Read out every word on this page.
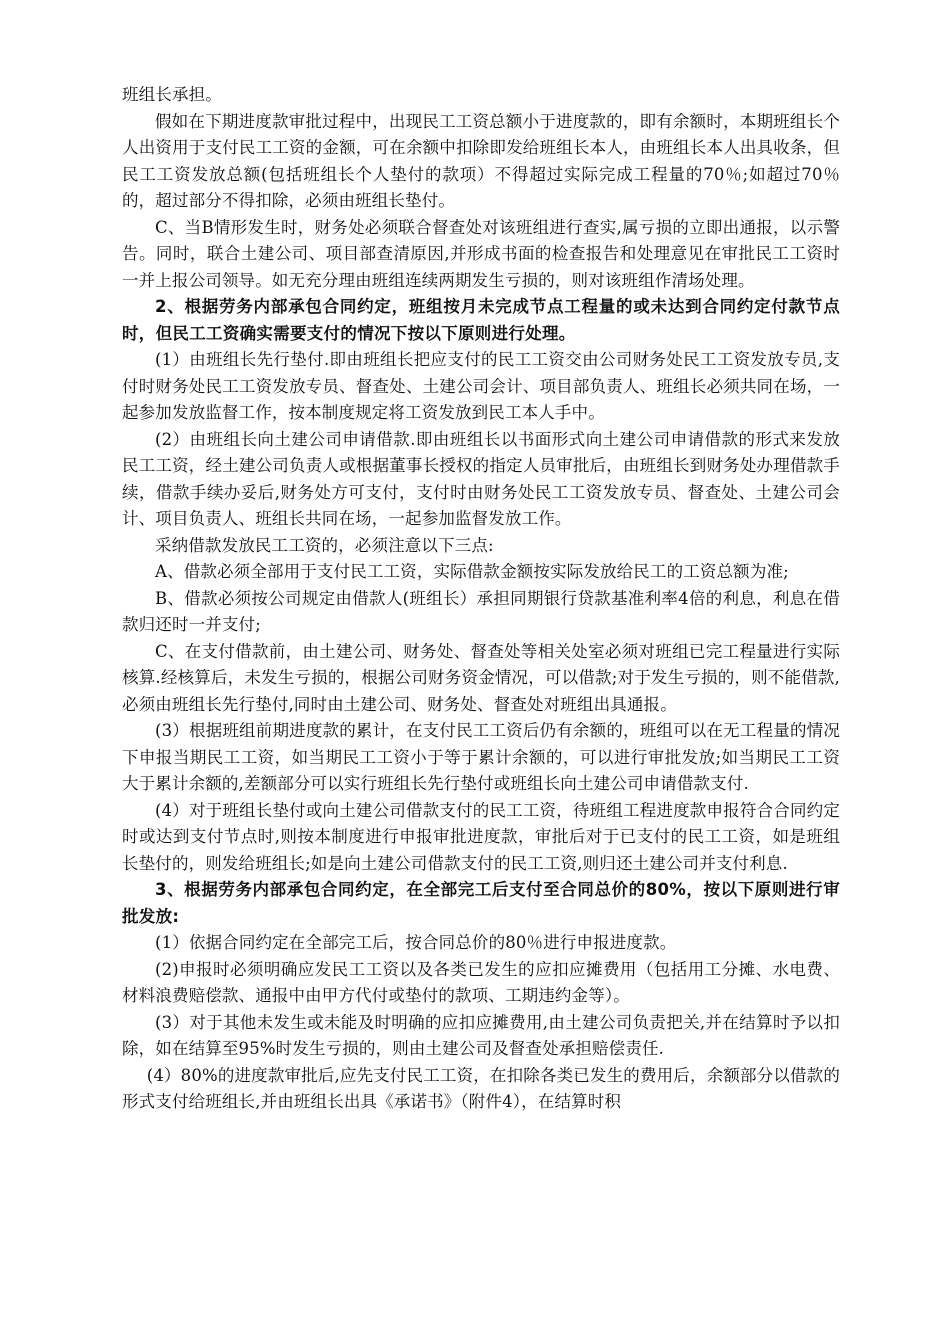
班组长承担。

假如在下期进度款审批过程中，出现民工工资总额小于进度款的，即有余额时，本期班组长个人出资用于支付民工工资的金额，可在余额中扣除即发给班组长本人，由班组长本人出具收条，但民工工资发放总额(包括班组长个人垫付的款项）不得超过实际完成工程量的70％;如超过70％的，超过部分不得扣除，必须由班组长垫付。

C、当B情形发生时，财务处必须联合督查处对该班组进行查实,属亏损的立即出通报，以示警告。同时，联合土建公司、项目部查清原因,并形成书面的检查报告和处理意见在审批民工工资时一并上报公司领导。如无充分理由班组连续两期发生亏损的，则对该班组作清场处理。

2、根据劳务内部承包合同约定，班组按月未完成节点工程量的或未达到合同约定付款节点时，但民工工资确实需要支付的情况下按以下原则进行处理。

(1）由班组长先行垫付.即由班组长把应支付的民工工资交由公司财务处民工工资发放专员,支付时财务处民工工资发放专员、督查处、土建公司会计、项目部负责人、班组长必须共同在场，一起参加发放监督工作，按本制度规定将工资发放到民工本人手中。

(2）由班组长向土建公司申请借款.即由班组长以书面形式向土建公司申请借款的形式来发放民工工资，经土建公司负责人或根据董事长授权的指定人员审批后，由班组长到财务处办理借款手续，借款手续办妥后,财务处方可支付，支付时由财务处民工工资发放专员、督查处、土建公司会计、项目负责人、班组长共同在场，一起参加监督发放工作。

采纳借款发放民工工资的，必须注意以下三点:

A、借款必须全部用于支付民工工资，实际借款金额按实际发放给民工的工资总额为准;

B、借款必须按公司规定由借款人(班组长）承担同期银行贷款基准利率4倍的利息，利息在借款归还时一并支付;

C、在支付借款前，由土建公司、财务处、督查处等相关处室必须对班组已完工程量进行实际核算.经核算后，未发生亏损的，根据公司财务资金情况，可以借款;对于发生亏损的，则不能借款,必须由班组长先行垫付,同时由土建公司、财务处、督查处对班组出具通报。

(3）根据班组前期进度款的累计，在支付民工工资后仍有余额的，班组可以在无工程量的情况下申报当期民工工资，如当期民工工资小于等于累计余额的，可以进行审批发放;如当期民工工资大于累计余额的,差额部分可以实行班组长先行垫付或班组长向土建公司申请借款支付.

(4）对于班组长垫付或向土建公司借款支付的民工工资，待班组工程进度款申报符合合同约定时或达到支付节点时,则按本制度进行申报审批进度款，审批后对于已支付的民工工资，如是班组长垫付的，则发给班组长;如是向土建公司借款支付的民工工资,则归还土建公司并支付利息.

3、根据劳务内部承包合同约定，在全部完工后支付至合同总价的80%，按以下原则进行审批发放:

(1）依据合同约定在全部完工后，按合同总价的80％进行申报进度款。

(2)申报时必须明确应发民工工资以及各类已发生的应扣应摊费用（包括用工分摊、水电费、材料浪费赔偿款、通报中由甲方代付或垫付的款项、工期违约金等）。

(3）对于其他未发生或未能及时明确的应扣应摊费用,由土建公司负责把关,并在结算时予以扣除，如在结算至95%时发生亏损的，则由土建公司及督查处承担赔偿责任.

(4）80%的进度款审批后,应先支付民工工资，在扣除各类已发生的费用后，余额部分以借款的形式支付给班组长,并由班组长出具《承诺书》（附件4），在结算时积
